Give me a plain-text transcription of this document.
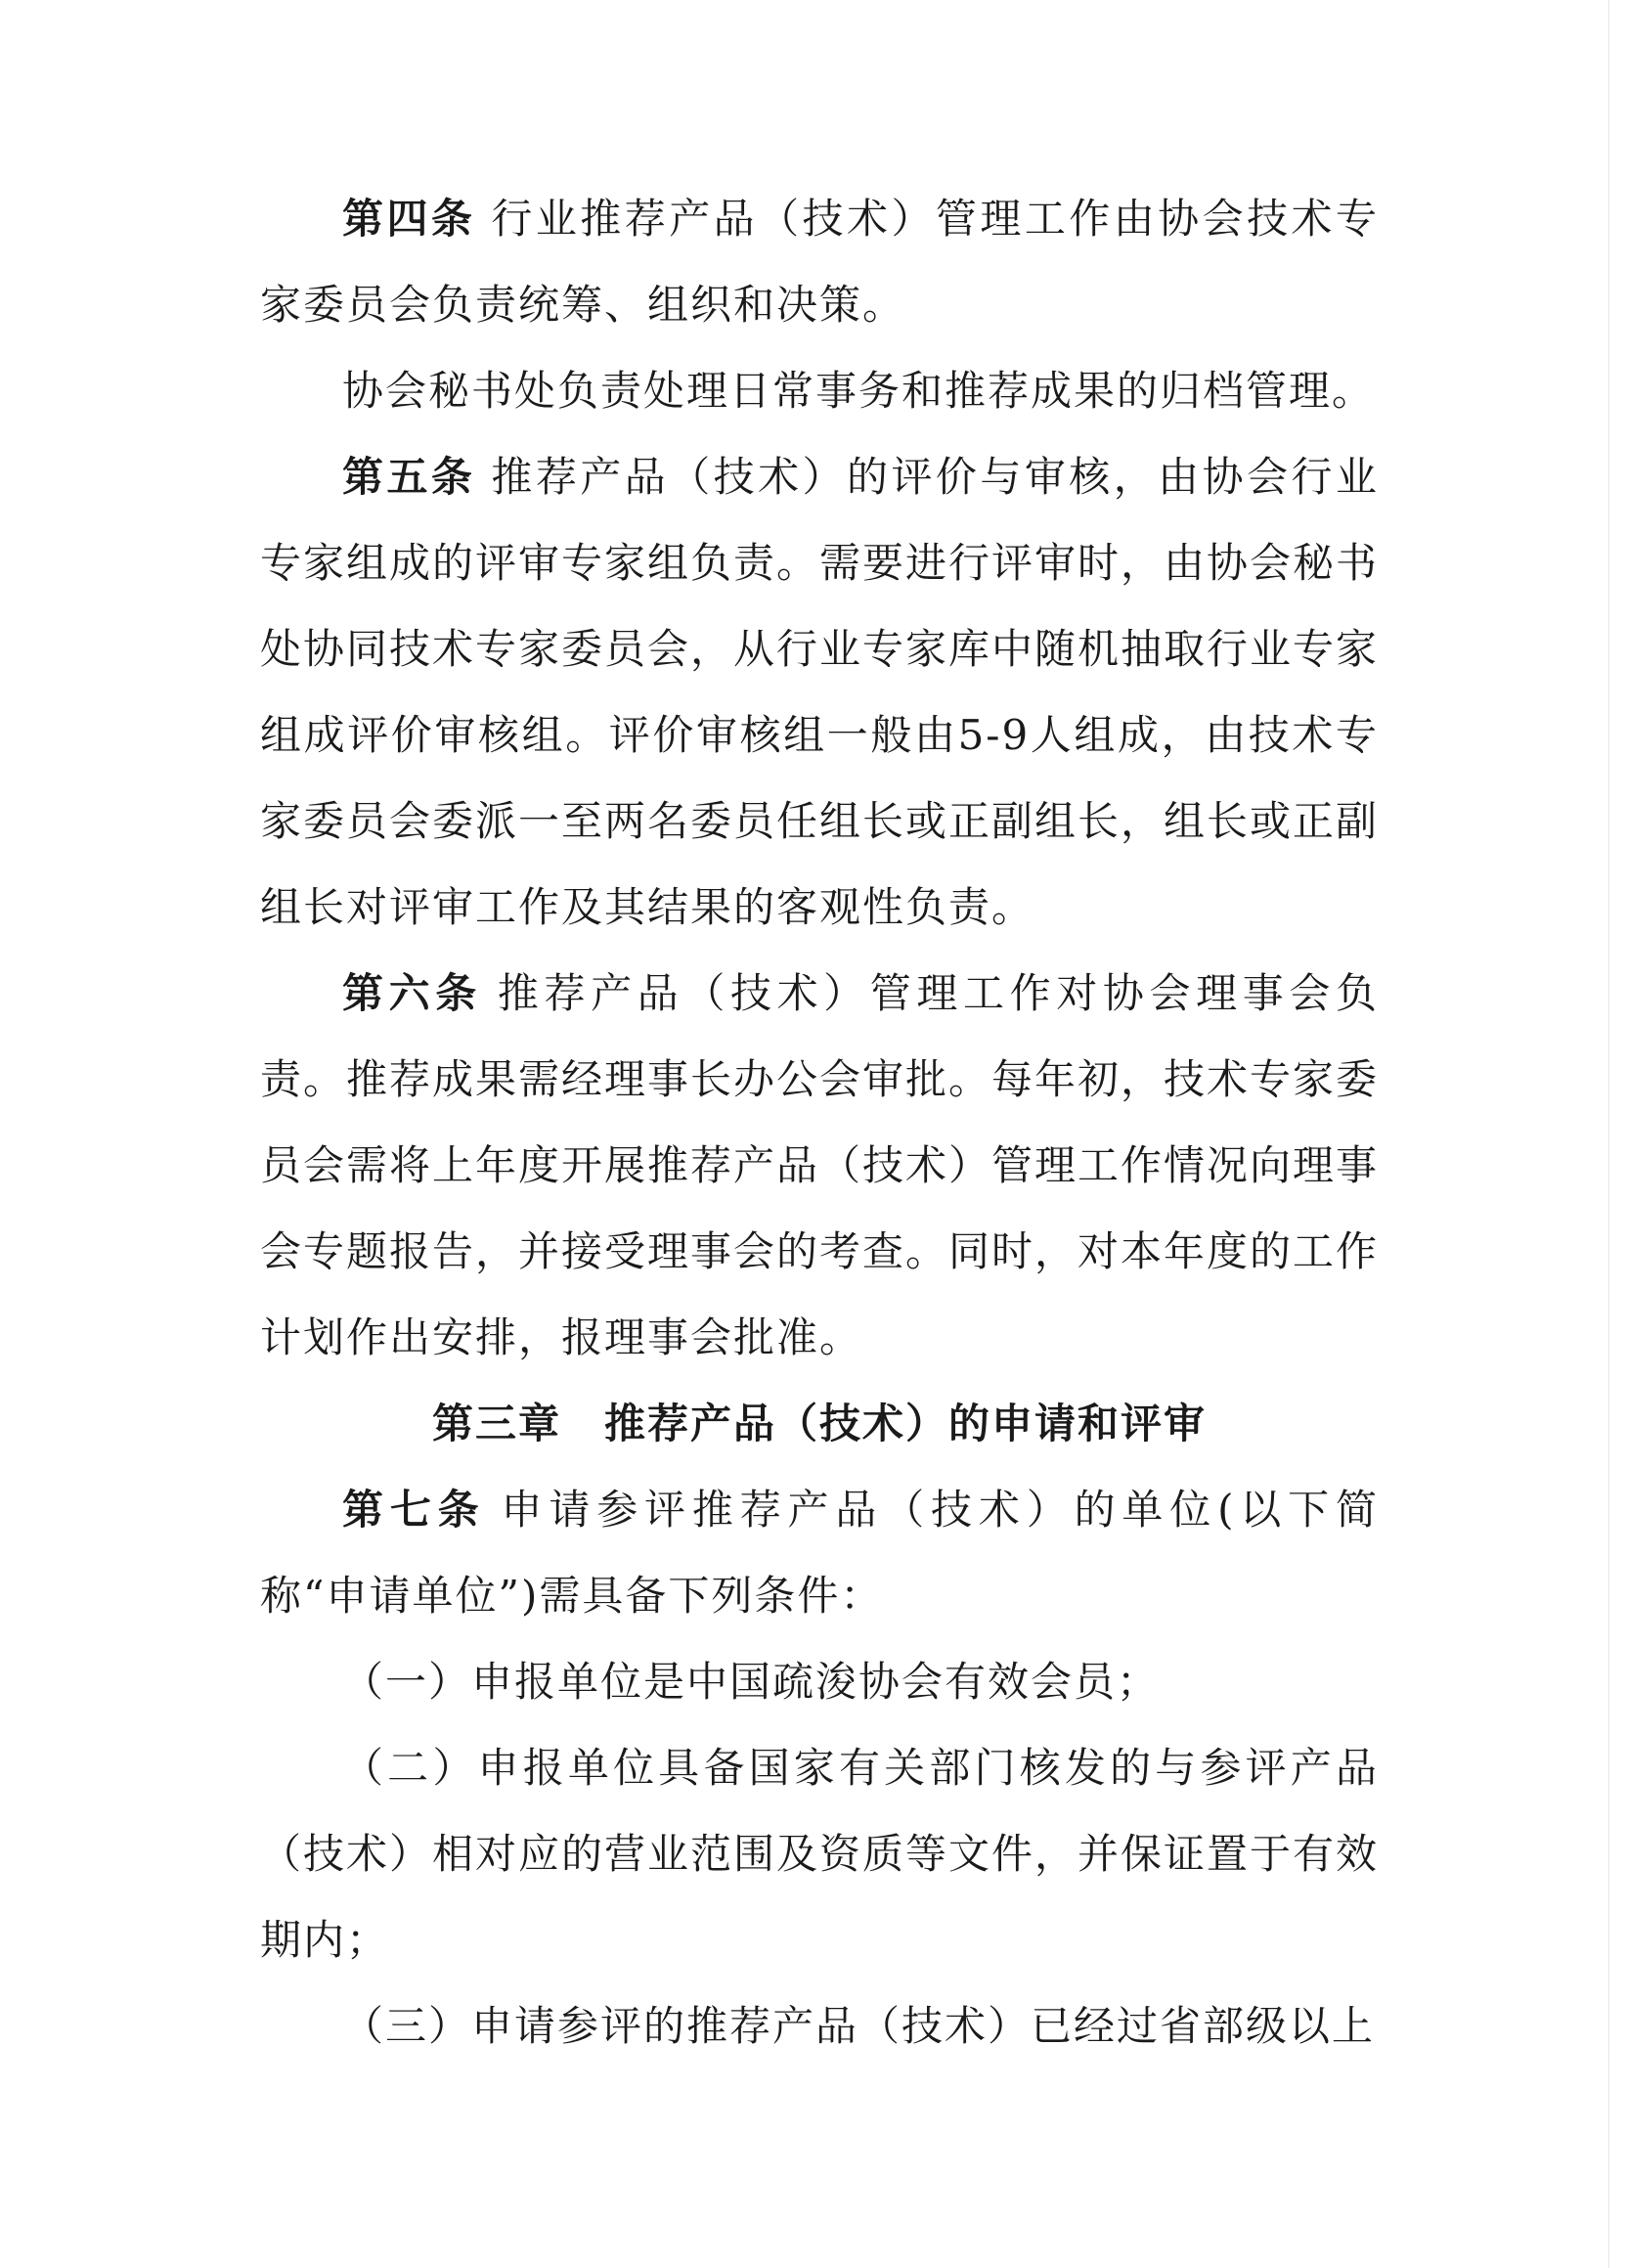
第四条 行业推荐产品（技术）管理工作由协会技术专家委员会负责统筹、组织和决策。

协会秘书处负责处理日常事务和推荐成果的归档管理。

第五条 推荐产品（技术）的评价与审核，由协会行业专家组成的评审专家组负责。需要进行评审时，由协会秘书处协同技术专家委员会，从行业专家库中随机抽取行业专家组成评价审核组。评价审核组一般由5-9人组成，由技术专家委员会委派一至两名委员任组长或正副组长，组长或正副组长对评审工作及其结果的客观性负责。

第六条 推荐产品（技术）管理工作对协会理事会负责。推荐成果需经理事长办公会审批。每年初，技术专家委员会需将上年度开展推荐产品（技术）管理工作情况向理事会专题报告，并接受理事会的考查。同时，对本年度的工作计划作出安排，报理事会批准。

第三章　推荐产品（技术）的申请和评审

第七条 申请参评推荐产品（技术）的单位(以下简称“申请单位”)需具备下列条件：

（一）申报单位是中国疏浚协会有效会员；

（二）申报单位具备国家有关部门核发的与参评产品（技术）相对应的营业范围及资质等文件，并保证置于有效期内；

（三）申请参评的推荐产品（技术）已经过省部级以上
